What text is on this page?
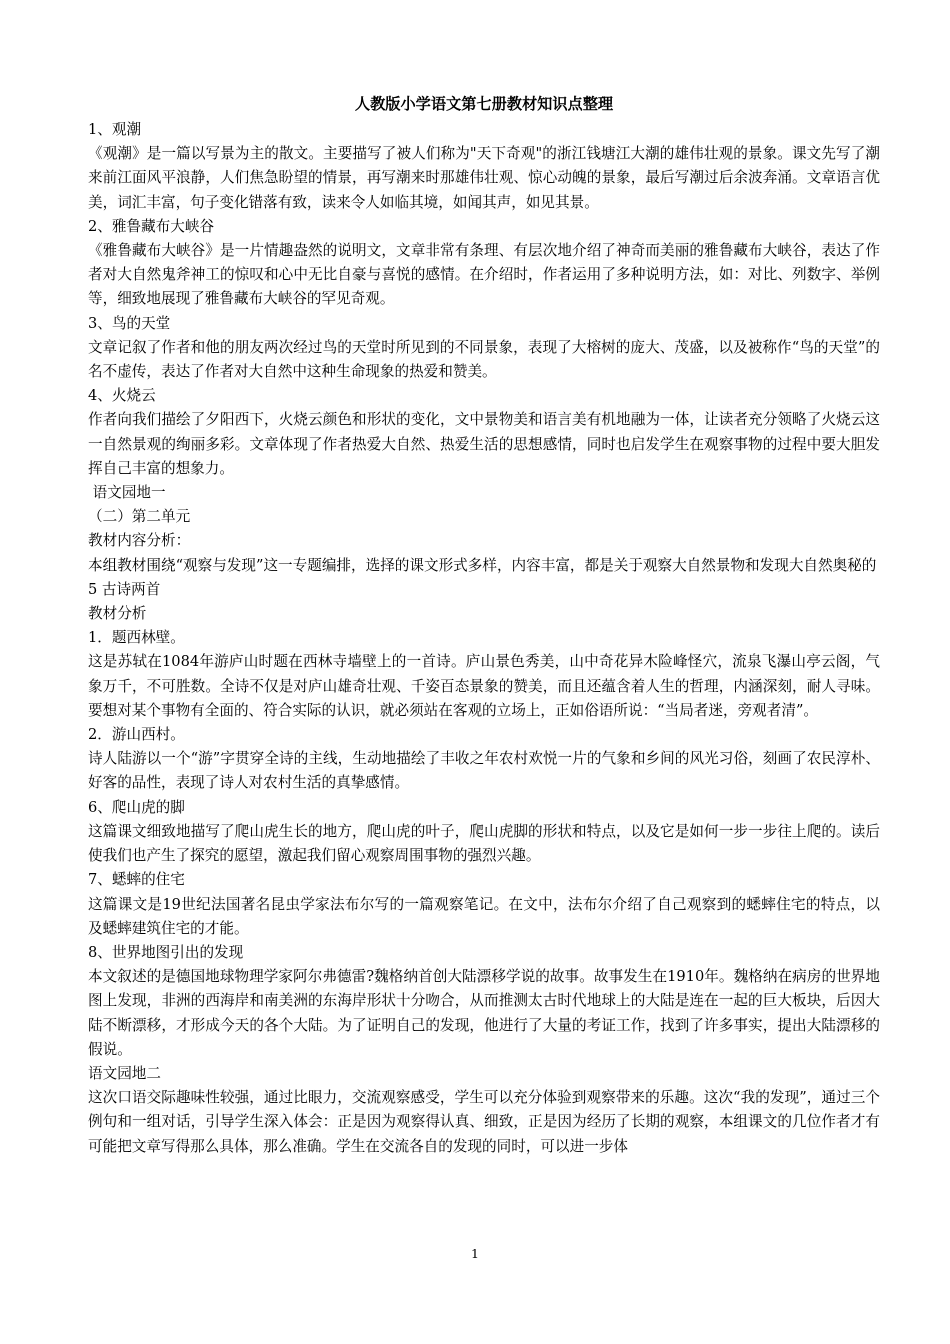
人教版小学语文第七册教材知识点整理

1、观潮

《观潮》是一篇以写景为主的散文。主要描写了被人们称为"天下奇观"的浙江钱塘江大潮的雄伟壮观的景象。课文先写了潮来前江面风平浪静，人们焦急盼望的情景，再写潮来时那雄伟壮观、惊心动魄的景象，最后写潮过后余波奔涌。文章语言优美，词汇丰富，句子变化错落有致，读来令人如临其境，如闻其声，如见其景。

2、雅鲁藏布大峡谷

《雅鲁藏布大峡谷》是一片情趣盎然的说明文，文章非常有条理、有层次地介绍了神奇而美丽的雅鲁藏布大峡谷，表达了作者对大自然鬼斧神工的惊叹和心中无比自豪与喜悦的感情。在介绍时，作者运用了多种说明方法，如：对比、列数字、举例等，细致地展现了雅鲁藏布大峡谷的罕见奇观。

3、鸟的天堂

文章记叙了作者和他的朋友两次经过鸟的天堂时所见到的不同景象，表现了大榕树的庞大、茂盛，以及被称作“鸟的天堂”的名不虚传，表达了作者对大自然中这种生命现象的热爱和赞美。

4、火烧云

作者向我们描绘了夕阳西下，火烧云颜色和形状的变化，文中景物美和语言美有机地融为一体，让读者充分领略了火烧云这一自然景观的绚丽多彩。文章体现了作者热爱大自然、热爱生活的思想感情，同时也启发学生在观察事物的过程中要大胆发挥自己丰富的想象力。

语文园地一

（二）第二单元

教材内容分析：

本组教材围绕“观察与发现”这一专题编排，选择的课文形式多样，内容丰富，都是关于观察大自然景物和发现大自然奥秘的

5 古诗两首

教材分析

1．题西林壁。

这是苏轼在1084年游庐山时题在西林寺墙壁上的一首诗。庐山景色秀美，山中奇花异木险峰怪穴，流泉飞瀑山亭云阁，气象万千，不可胜数。全诗不仅是对庐山雄奇壮观、千姿百态景象的赞美，而且还蕴含着人生的哲理，内涵深刻，耐人寻味。要想对某个事物有全面的、符合实际的认识，就必须站在客观的立场上，正如俗语所说：“当局者迷，旁观者清”。

2．游山西村。

诗人陆游以一个“游”字贯穿全诗的主线，生动地描绘了丰收之年农村欢悦一片的气象和乡间的风光习俗，刻画了农民淳朴、好客的品性，表现了诗人对农村生活的真挚感情。

6、爬山虎的脚

这篇课文细致地描写了爬山虎生长的地方，爬山虎的叶子，爬山虎脚的形状和特点，以及它是如何一步一步往上爬的。读后使我们也产生了探究的愿望，激起我们留心观察周围事物的强烈兴趣。

7、蟋蟀的住宅

这篇课文是19世纪法国著名昆虫学家法布尔写的一篇观察笔记。在文中，法布尔介绍了自己观察到的蟋蟀住宅的特点，以及蟋蟀建筑住宅的才能。

8、世界地图引出的发现

本文叙述的是德国地球物理学家阿尔弗德雷?魏格纳首创大陆漂移学说的故事。故事发生在1910年。魏格纳在病房的世界地图上发现，非洲的西海岸和南美洲的东海岸形状十分吻合，从而推测太古时代地球上的大陆是连在一起的巨大板块，后因大陆不断漂移，才形成今天的各个大陆。为了证明自己的发现，他进行了大量的考证工作，找到了许多事实，提出大陆漂移的假说。

语文园地二

这次口语交际趣味性较强，通过比眼力，交流观察感受，学生可以充分体验到观察带来的乐趣。这次“我的发现”，通过三个例句和一组对话，引导学生深入体会：正是因为观察得认真、细致，正是因为经历了长期的观察，本组课文的几位作者才有可能把文章写得那么具体，那么准确。学生在交流各自的发现的同时，可以进一步体

1
